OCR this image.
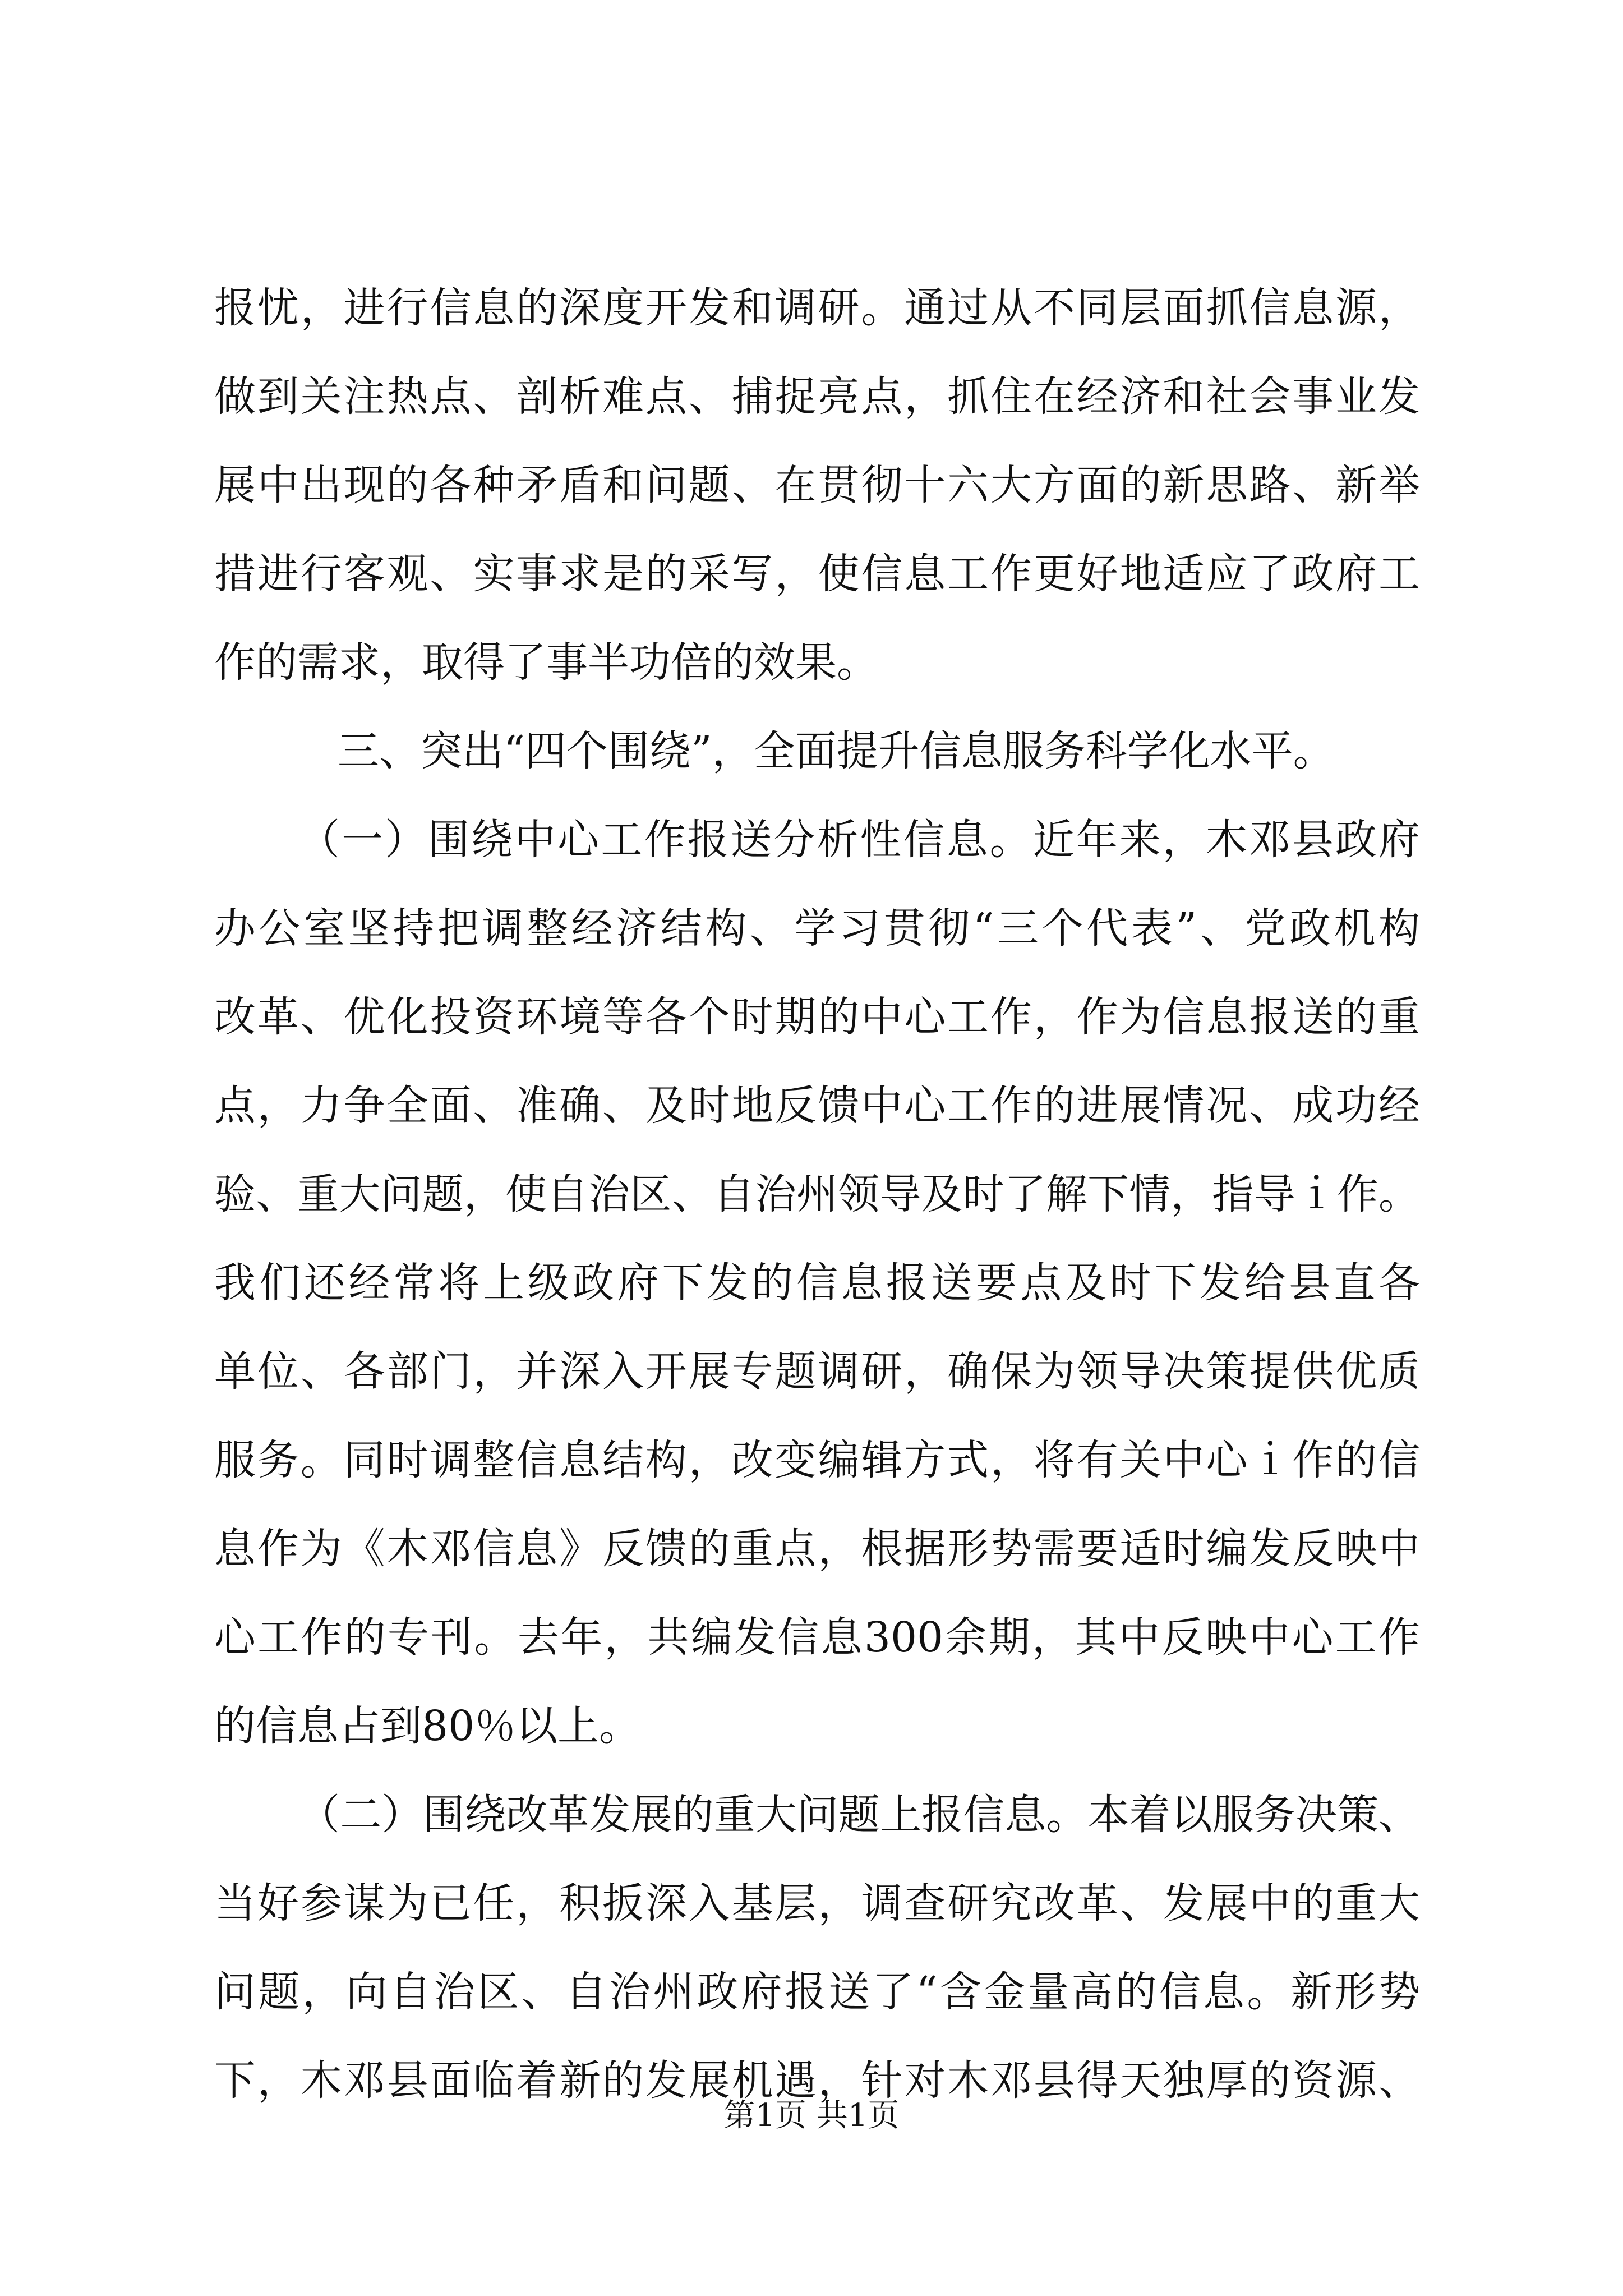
报忧，进行信息的深度开发和调研。通过从不同层面抓信息源，
做到关注热点、剖析难点、捕捉亮点，抓住在经济和社会事业发
展中出现的各种矛盾和问题、在贯彻十六大方面的新思路、新举
措进行客观、实事求是的采写，使信息工作更好地适应了政府工
作的需求，取得了事半功倍的效果。
三、突出“四个围绕”，全面提升信息服务科学化水平。
（一）围绕中心工作报送分析性信息。近年来，木邓县政府
办公室坚持把调整经济结构、学习贯彻“三个代表”、党政机构
改革、优化投资环境等各个时期的中心工作，作为信息报送的重
点，力争全面、准确、及时地反馈中心工作的进展情况、成功经
验、重大问题，使自治区、自治州领导及时了解下情，指导ｉ作。
我们还经常将上级政府下发的信息报送要点及时下发给县直各
单位、各部门，并深入开展专题调研，确保为领导决策提供优质
服务。同时调整信息结构，改变编辑方式，将有关中心ｉ作的信
息作为《木邓信息》反馈的重点，根据形势需要适时编发反映中
心工作的专刊。去年，共编发信息300余期，其中反映中心工作
的信息占到80％以上。
（二）围绕改革发展的重大问题上报信息。本着以服务决策、
当好参谋为已任，积扳深入基层，调查研究改革、发展中的重大
问题，向自治区、自治州政府报送了“含金量高的信息。新形势
下，木邓县面临着新的发展机遇，针对木邓县得天独厚的资源、
第1页 共1页
